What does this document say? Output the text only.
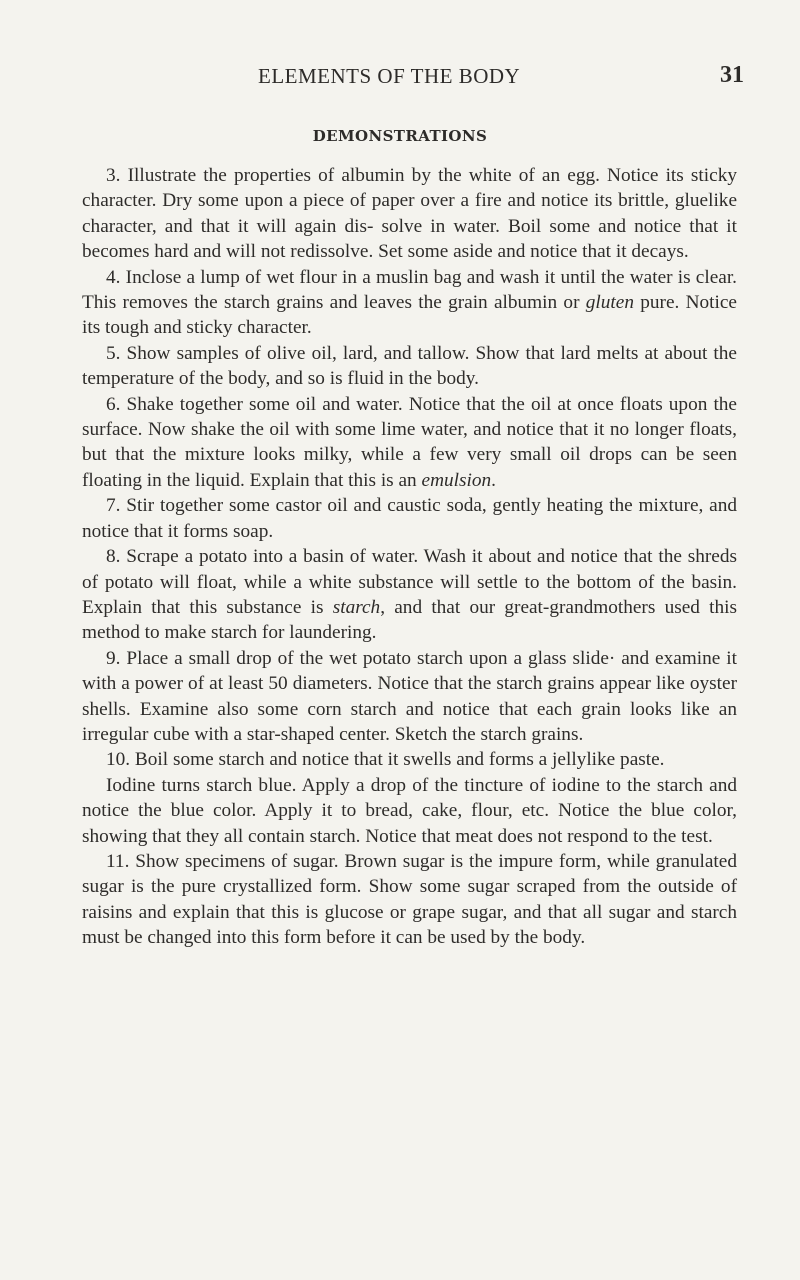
ELEMENTS OF THE BODY	31
DEMONSTRATIONS

3. Illustrate the properties of albumin by the white of an egg. Notice its sticky character. Dry some upon a piece of paper over a fire and notice its brittle, gluelike character, and that it will again dis- solve in water. Boil some and notice that it becomes hard and will not redissolve. Set some aside and notice that it decays.

4. Inclose a lump of wet flour in a muslin bag and wash it until the water is clear. This removes the starch grains and leaves the grain albumin or gluten pure. Notice its tough and sticky character.

5. Show samples of olive oil, lard, and tallow. Show that lard melts at about the temperature of the body, and so is fluid in the body.

6. Shake together some oil and water. Notice that the oil at once floats upon the surface. Now shake the oil with some lime water, and notice that it no longer floats, but that the mixture looks milky, while a few very small oil drops can be seen floating in the liquid. Explain that this is an emulsion.

7. Stir together some castor oil and caustic soda, gently heating the mixture, and notice that it forms soap.

8. Scrape a potato into a basin of water. Wash it about and notice that the shreds of potato will float, while a white substance will settle to the bottom of the basin. Explain that this substance is starch, and that our great-grandmothers used this method to make starch for laundering.

9. Place a small drop of the wet potato starch upon a glass slide· and examine it with a power of at least 50 diameters. Notice that the starch grains appear like oyster shells. Examine also some corn starch and notice that each grain looks like an irregular cube with a star-shaped center. Sketch the starch grains.

10. Boil some starch and notice that it swells and forms a jellylike paste.

Iodine turns starch blue. Apply a drop of the tincture of iodine to the starch and notice the blue color. Apply it to bread, cake, flour, etc. Notice the blue color, showing that they all contain starch. Notice that meat does not respond to the test.

11. Show specimens of sugar. Brown sugar is the impure form, while granulated sugar is the pure crystallized form. Show some sugar scraped from the outside of raisins and explain that this is glucose or grape sugar, and that all sugar and starch must be changed into this form before it can be used by the body.
